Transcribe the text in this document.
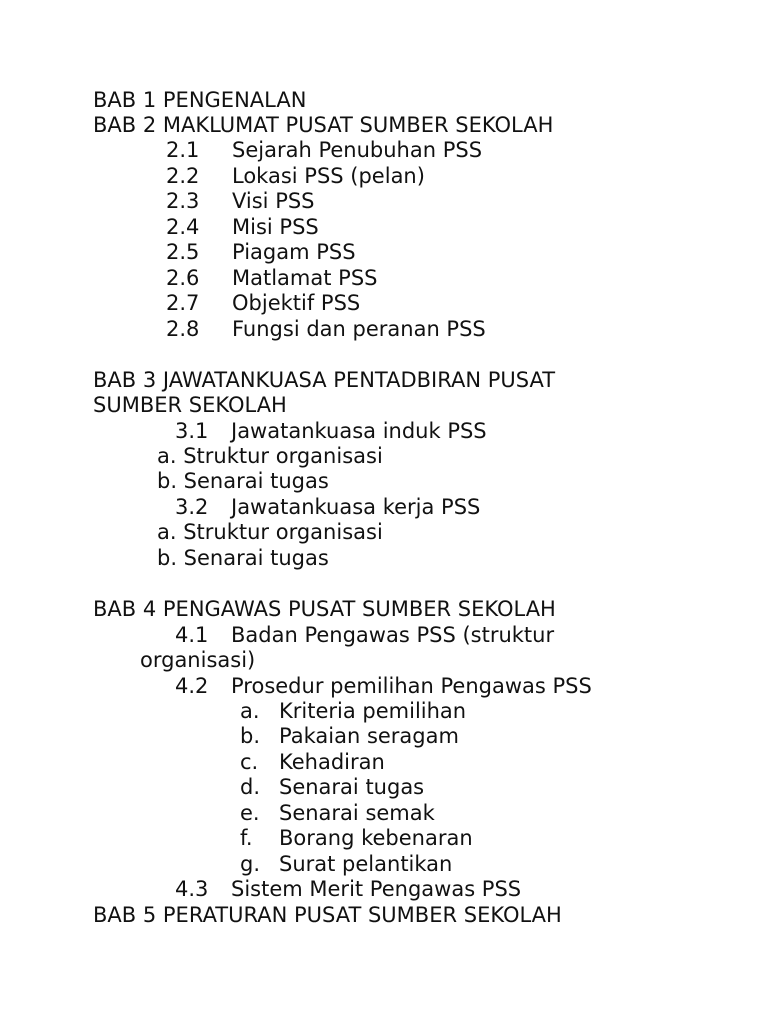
BAB 1 PENGENALAN
BAB 2 MAKLUMAT PUSAT SUMBER SEKOLAH
2.1 Sejarah Penubuhan PSS
2.2 Lokasi PSS (pelan)
2.3 Visi PSS
2.4 Misi PSS
2.5 Piagam PSS
2.6 Matlamat PSS
2.7 Objektif PSS
2.8 Fungsi dan peranan PSS
BAB 3 JAWATANKUASA PENTADBIRAN PUSAT
SUMBER SEKOLAH
3.1 Jawatankuasa induk PSS
a. Struktur organisasi
b. Senarai tugas
3.2 Jawatankuasa kerja PSS
a. Struktur organisasi
b. Senarai tugas
BAB 4 PENGAWAS PUSAT SUMBER SEKOLAH
4.1 Badan Pengawas PSS (struktur
organisasi)
4.2 Prosedur pemilihan Pengawas PSS
a. Kriteria pemilihan
b. Pakaian seragam
c. Kehadiran
d. Senarai tugas
e. Senarai semak
f. Borang kebenaran
g. Surat pelantikan
4.3 Sistem Merit Pengawas PSS
BAB 5 PERATURAN PUSAT SUMBER SEKOLAH
